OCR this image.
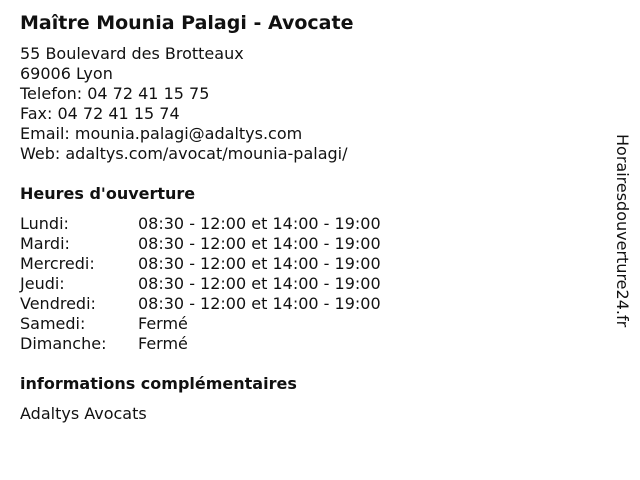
Maître Mounia Palagi - Avocate
55 Boulevard des Brotteaux
69006 Lyon
Telefon: 04 72 41 15 75
Fax: 04 72 41 15 74
Email: mounia.palagi@adaltys.com
Web: adaltys.com/avocat/mounia-palagi/
Heures d'ouverture
Lundi:	08:30 - 12:00 et 14:00 - 19:00
Mardi:	08:30 - 12:00 et 14:00 - 19:00
Mercredi:	08:30 - 12:00 et 14:00 - 19:00
Jeudi:	08:30 - 12:00 et 14:00 - 19:00
Vendredi:	08:30 - 12:00 et 14:00 - 19:00
Samedi:	Fermé
Dimanche: Fermé
informations complémentaires
Adaltys Avocats
Horairesdouverture24.fr
